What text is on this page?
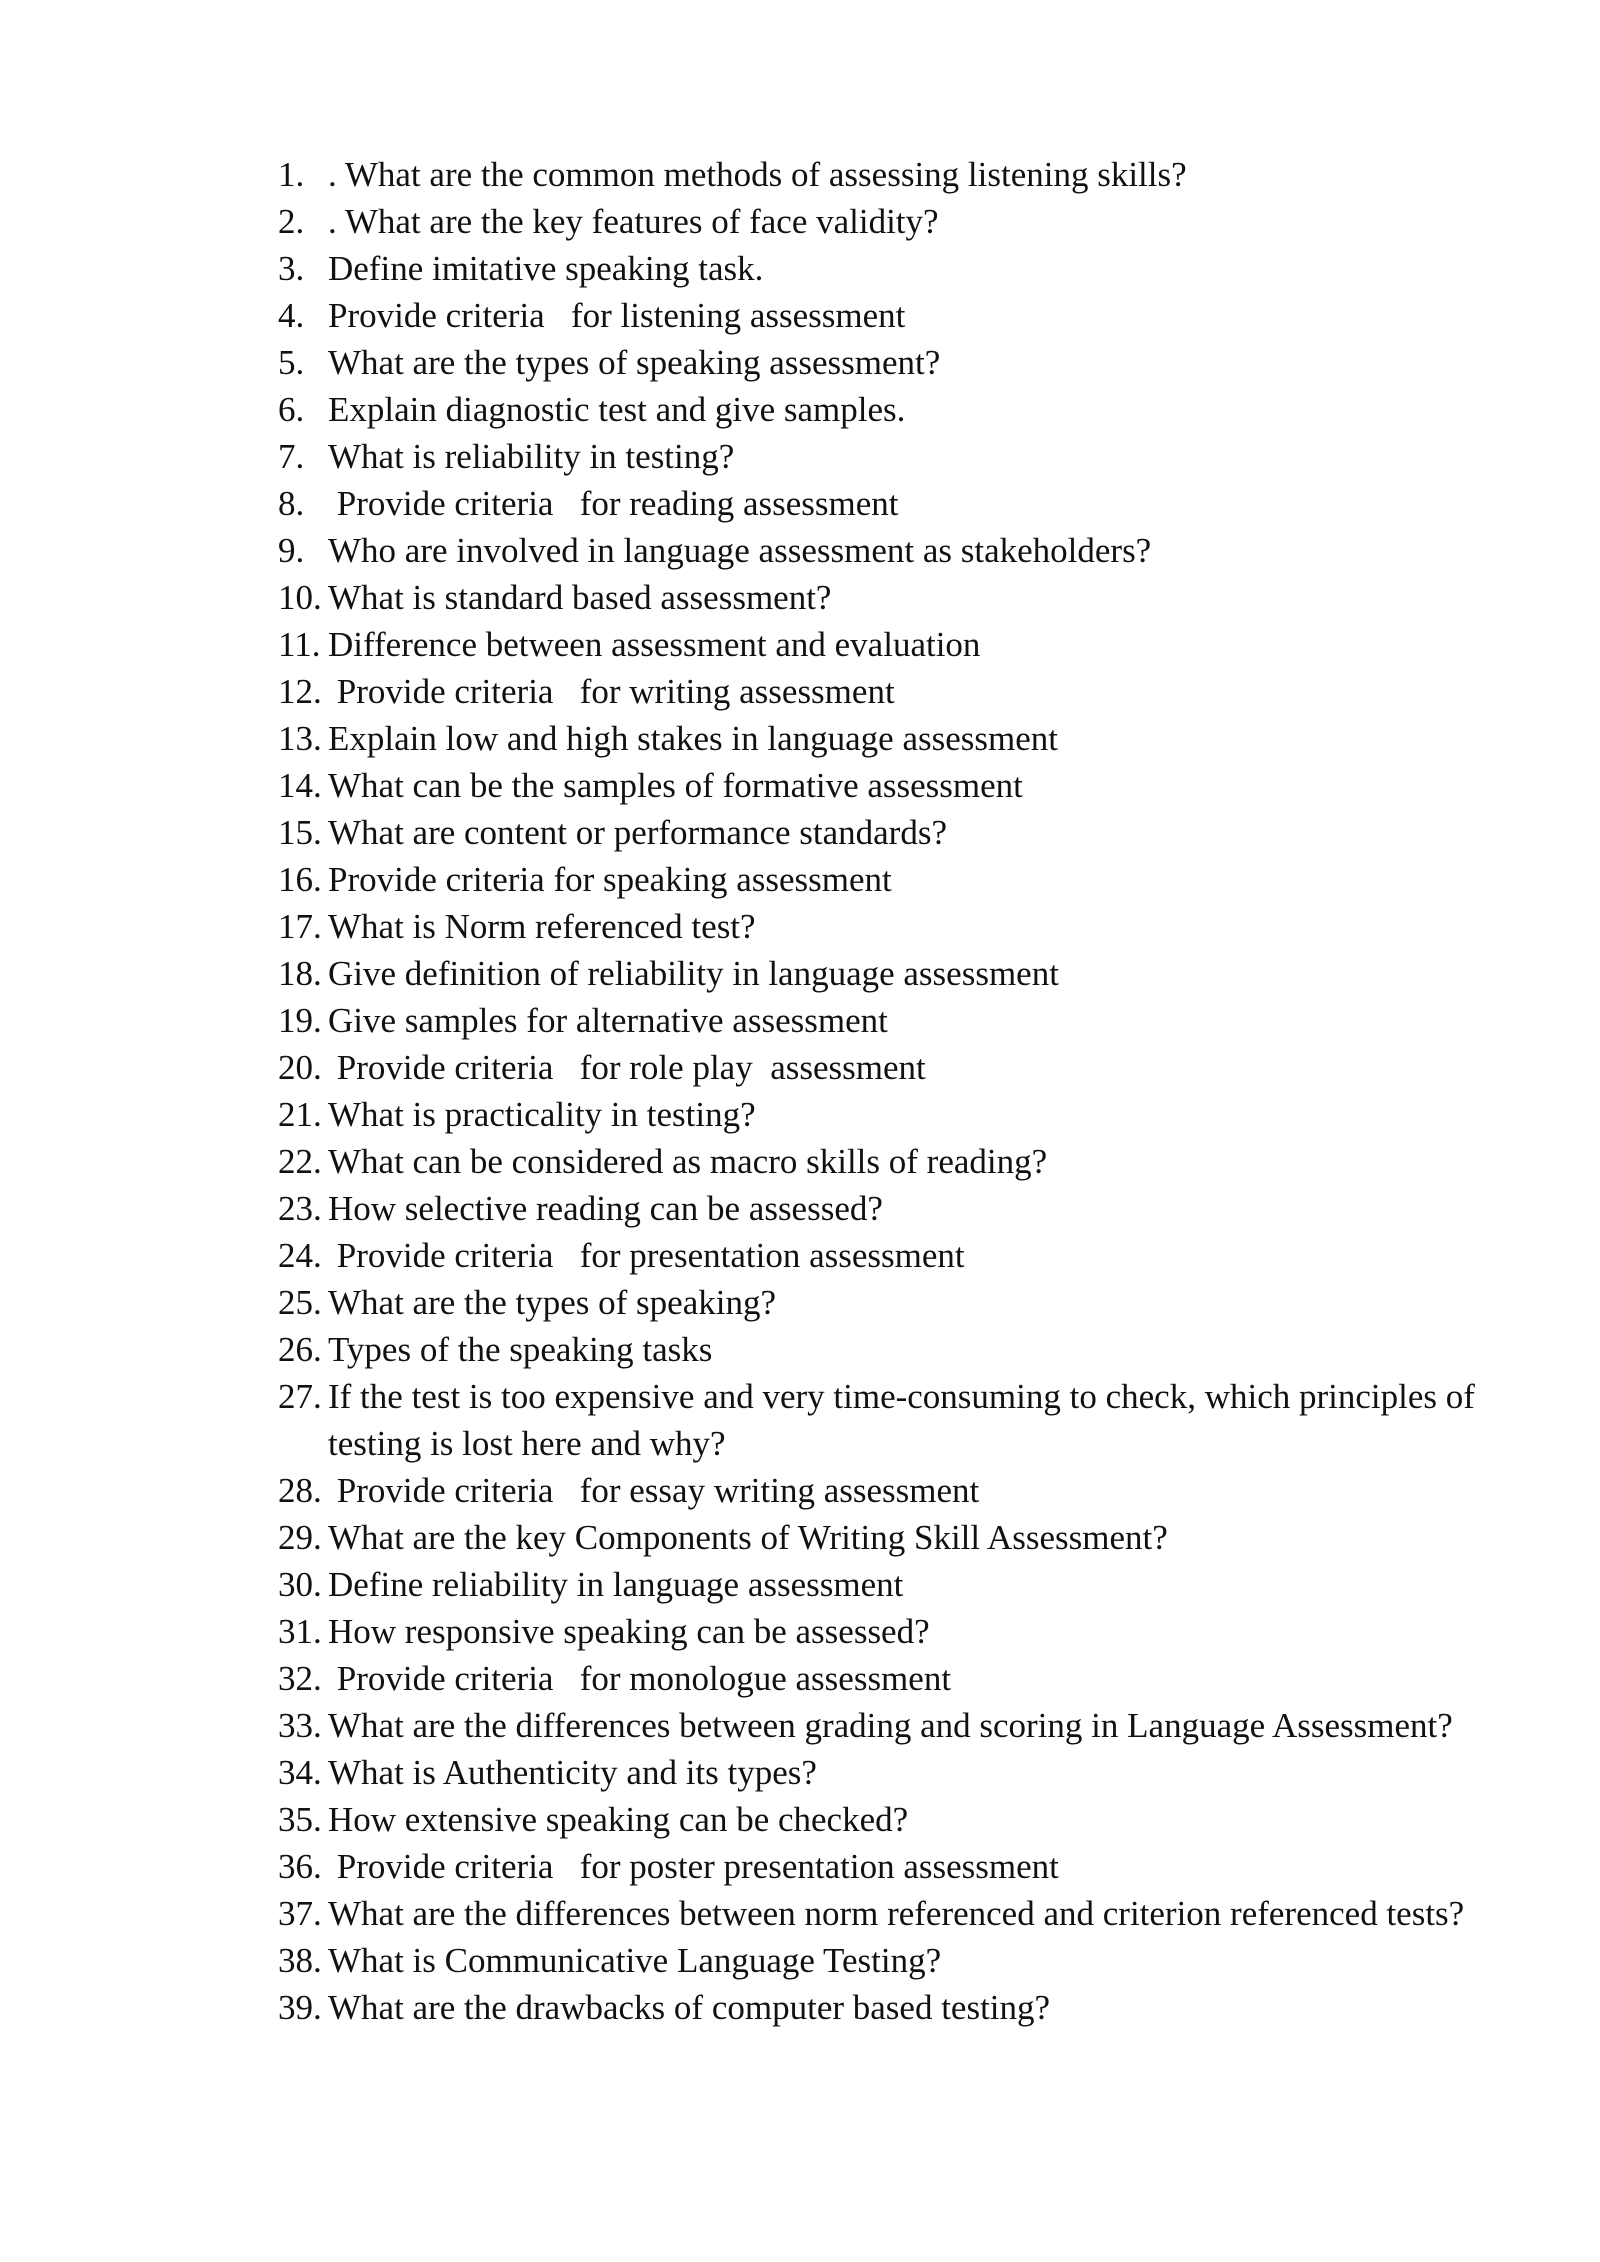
1. . What are the common methods of assessing listening skills?
2. . What are the key features of face validity?
3. Define imitative speaking task.
4. Provide criteria   for listening assessment
5. What are the types of speaking assessment?
6. Explain diagnostic test and give samples.
7. What is reliability in testing?
8. Provide criteria   for reading assessment
9. Who are involved in language assessment as stakeholders?
10. What is standard based assessment?
11. Difference between assessment and evaluation
12. Provide criteria   for writing assessment
13. Explain low and high stakes in language assessment
14. What can be the samples of formative assessment
15. What are content or performance standards?
16. Provide criteria for speaking assessment
17. What is Norm referenced test?
18. Give definition of reliability in language assessment
19. Give samples for alternative assessment
20. Provide criteria   for role play  assessment
21. What is practicality in testing?
22. What can be considered as macro skills of reading?
23. How selective reading can be assessed?
24. Provide criteria   for presentation assessment
25. What are the types of speaking?
26. Types of the speaking tasks
27. If the test is too expensive and very time-consuming to check, which principles of testing is lost here and why?
28. Provide criteria   for essay writing assessment
29. What are the key Components of Writing Skill Assessment?
30. Define reliability in language assessment
31. How responsive speaking can be assessed?
32. Provide criteria   for monologue assessment
33. What are the differences between grading and scoring in Language Assessment?
34. What is Authenticity and its types?
35. How extensive speaking can be checked?
36. Provide criteria   for poster presentation assessment
37. What are the differences between norm referenced and criterion referenced tests?
38. What is Communicative Language Testing?
39. What are the drawbacks of computer based testing?
